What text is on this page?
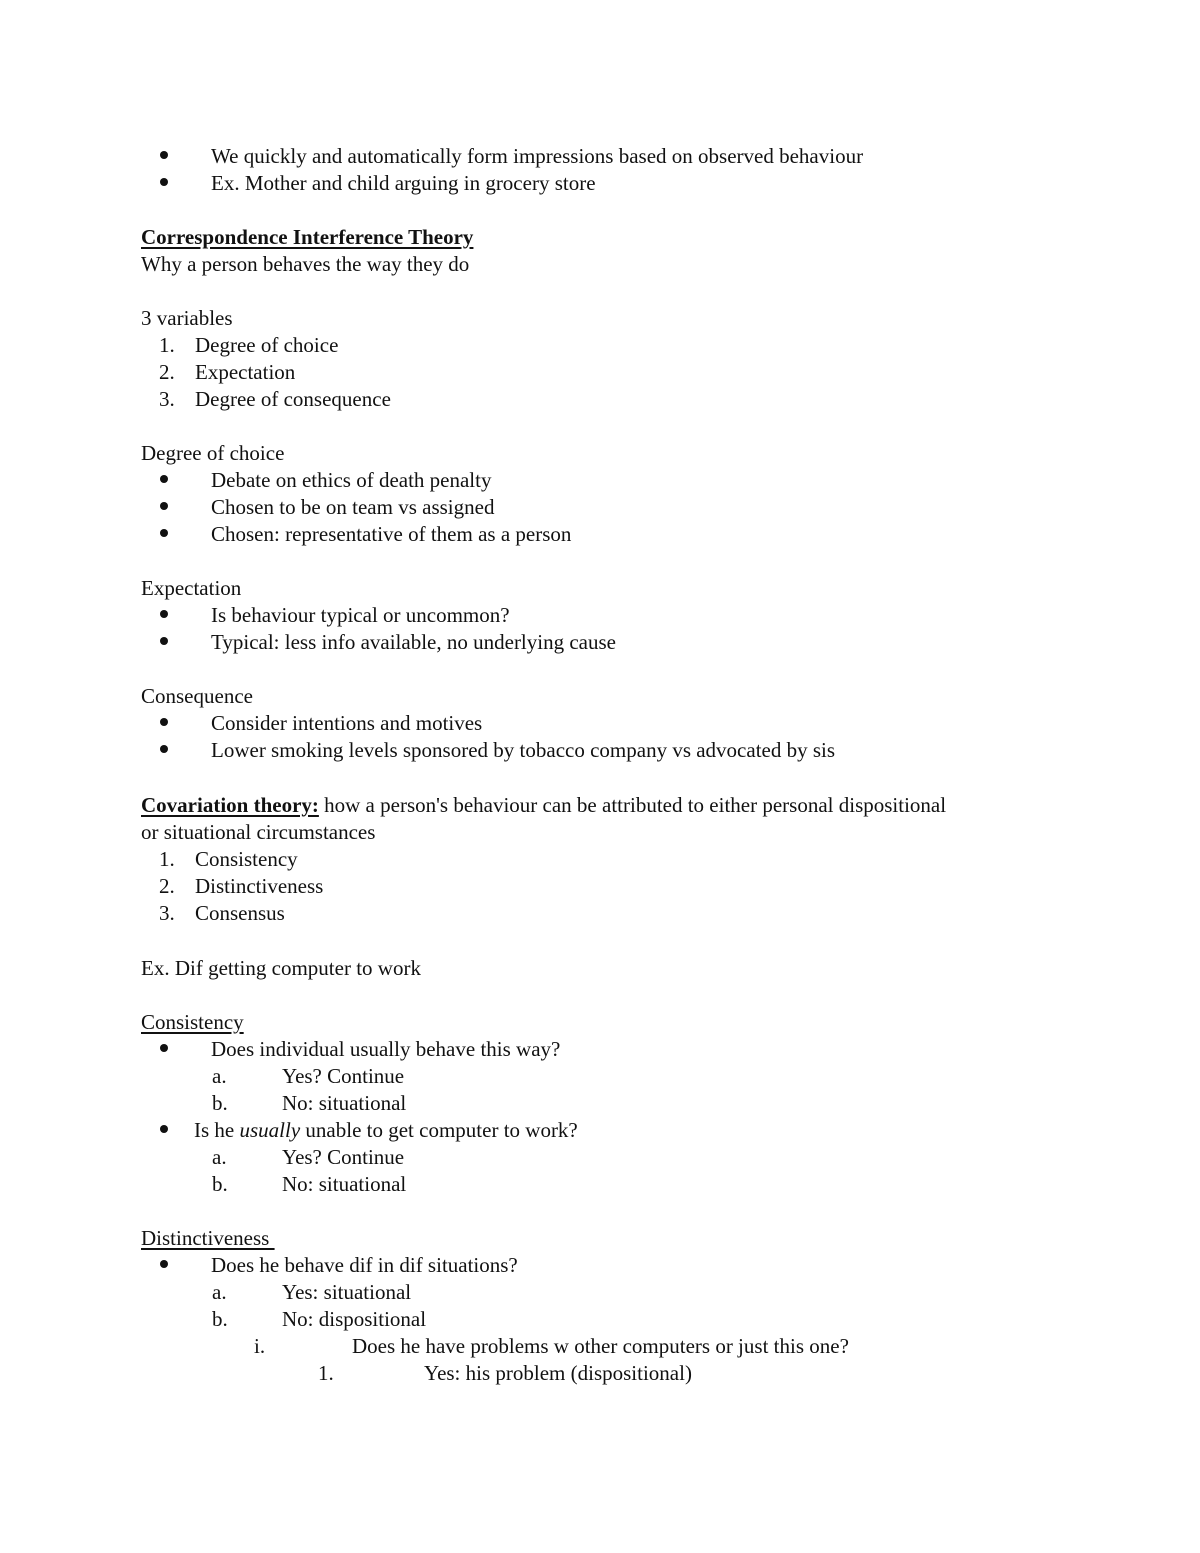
We quickly and automatically form impressions based on observed behaviour
Ex. Mother and child arguing in grocery store
Correspondence Interference Theory
Why a person behaves the way they do
3 variables
1. Degree of choice
2. Expectation
3. Degree of consequence
Degree of choice
Debate on ethics of death penalty
Chosen to be on team vs assigned
Chosen: representative of them as a person
Expectation
Is behaviour typical or uncommon?
Typical: less info available, no underlying cause
Consequence
Consider intentions and motives
Lower smoking levels sponsored by tobacco company vs advocated by sis
Covariation theory: how a person's behaviour can be attributed to either personal dispositional
or situational circumstances
1. Consistency
2. Distinctiveness
3. Consensus
Ex. Dif getting computer to work
Consistency
Does individual usually behave this way?
a.	Yes? Continue
b.	No: situational
Is he usually unable to get computer to work?
a.	Yes? Continue
b.	No: situational
Distinctiveness
Does he behave dif in dif situations?
a.	Yes: situational
b.	No: dispositional
i.	Does he have problems w other computers or just this one?
1.	Yes: his problem (dispositional)
